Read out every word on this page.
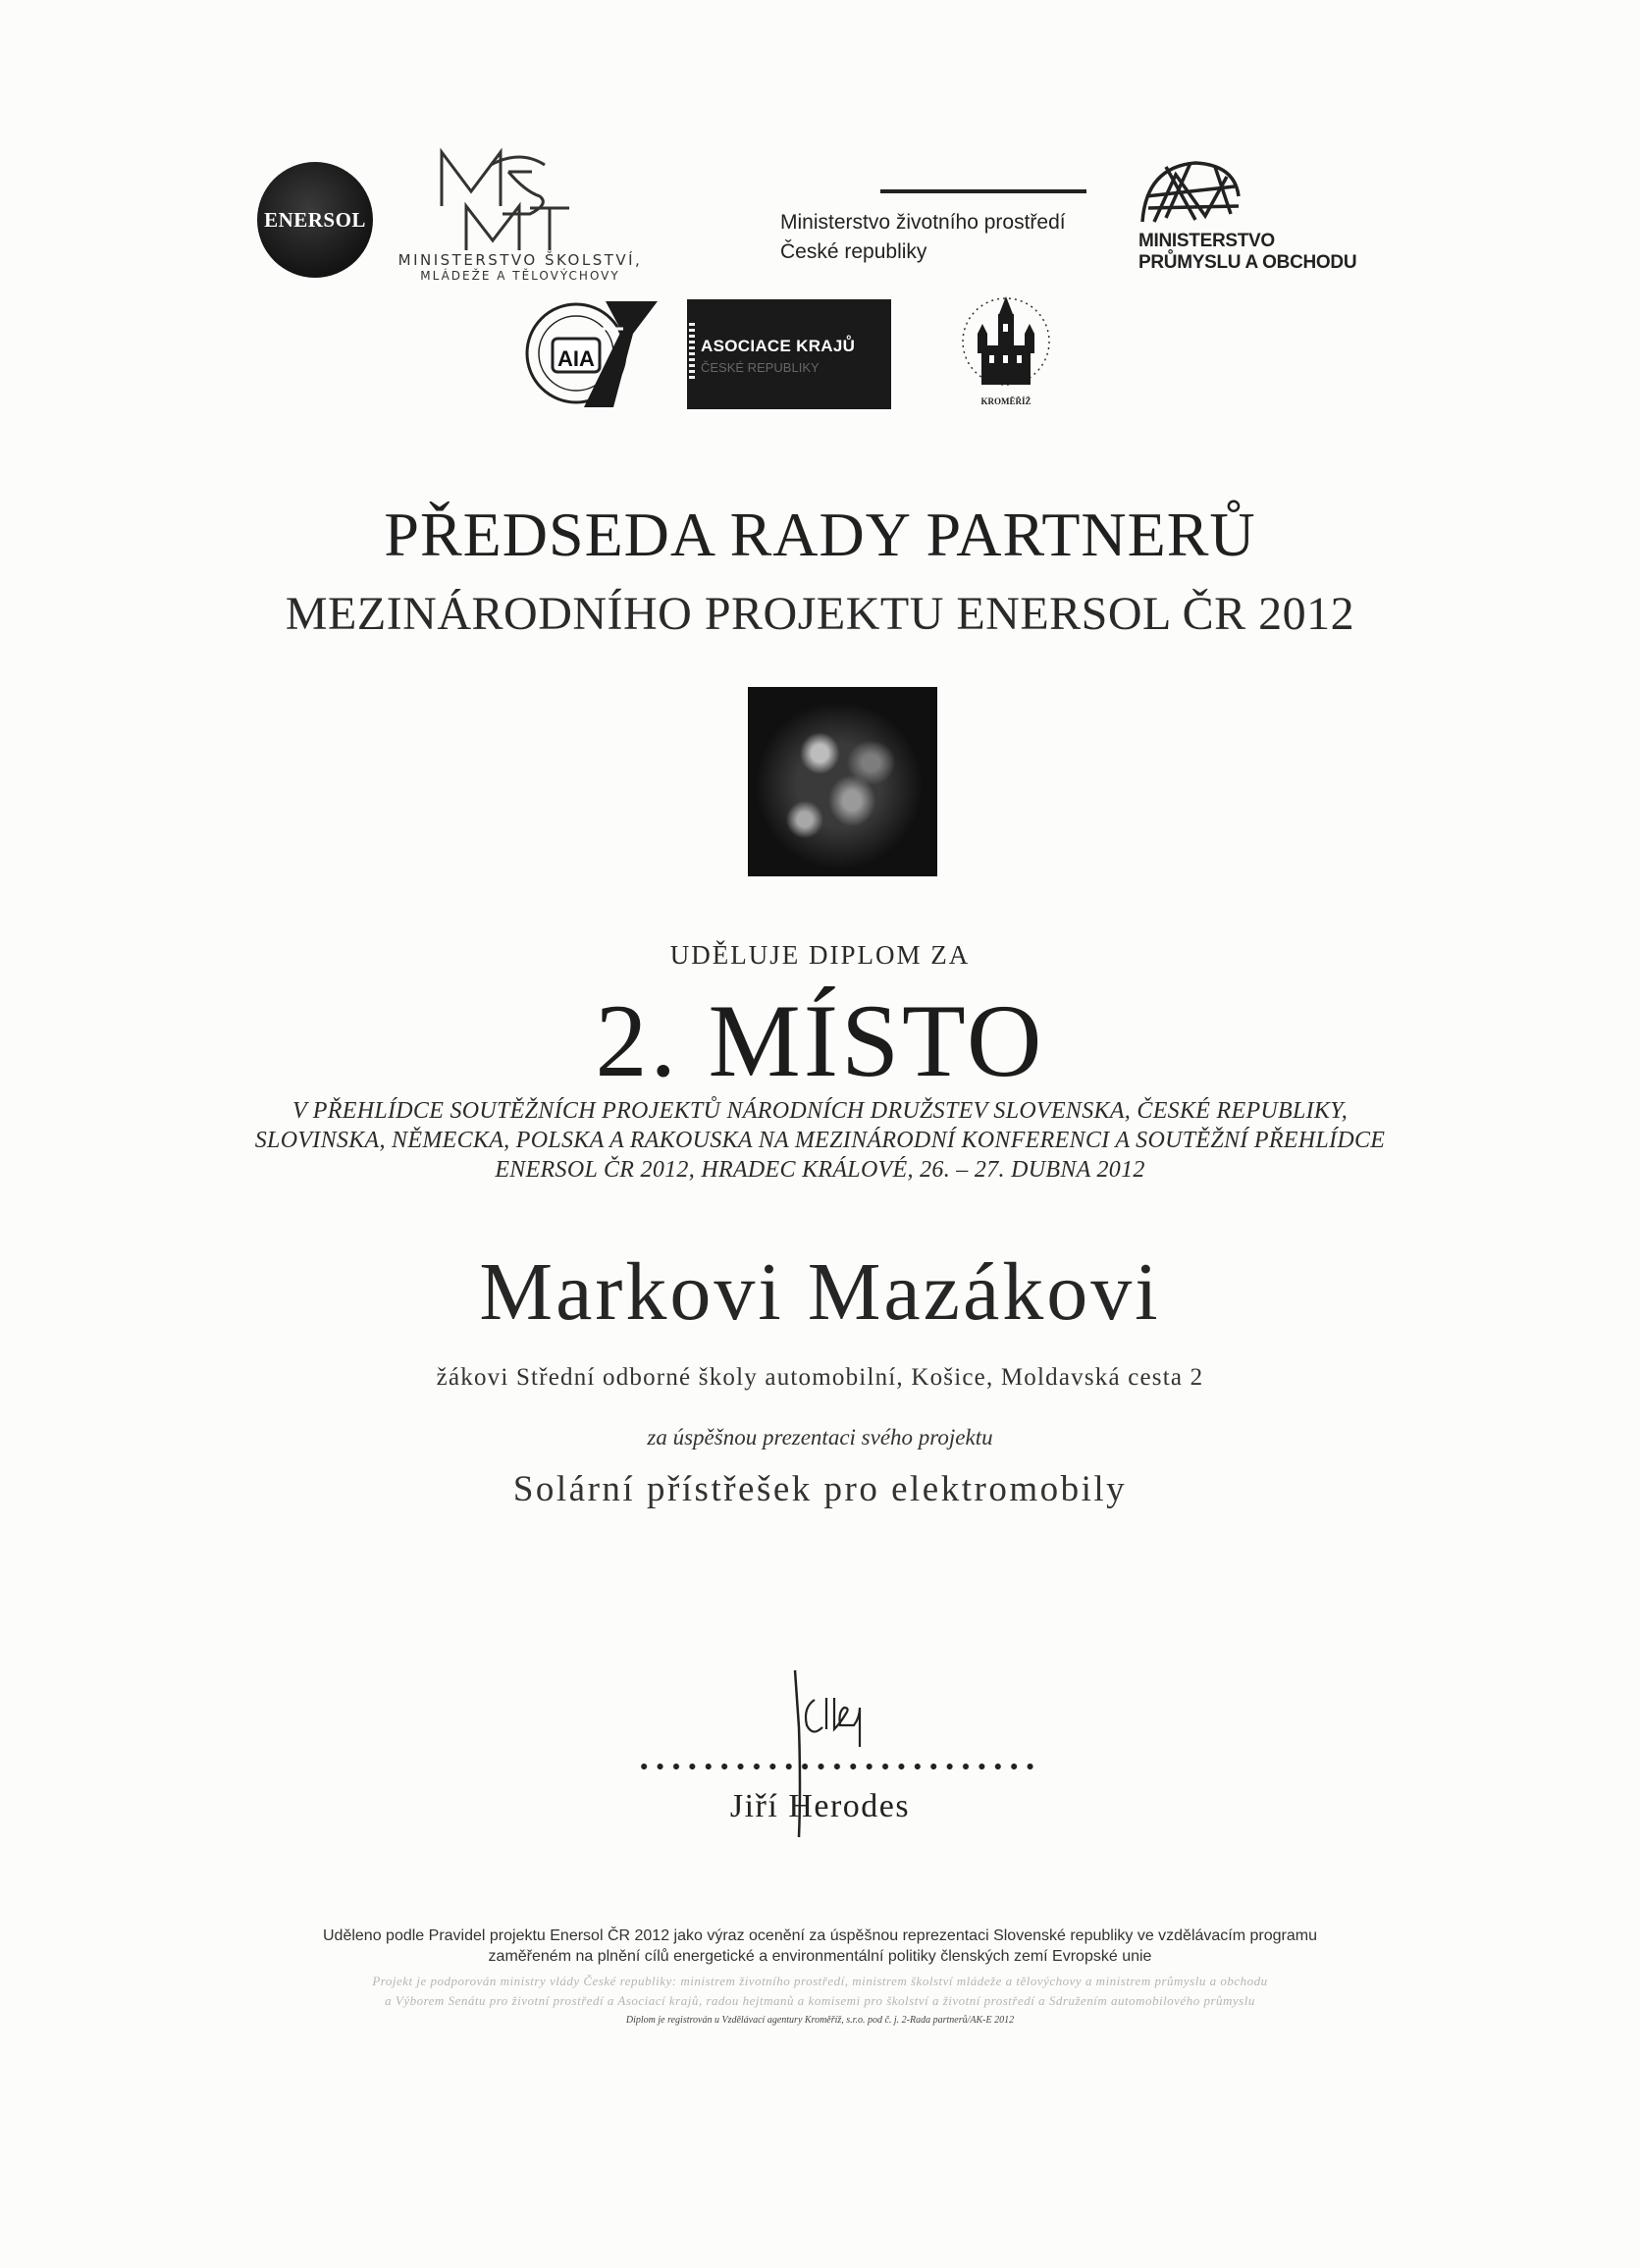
ENERSOL
MINISTERSTVO ŠKOLSTVÍ,
MLÁDEŽE A TĚLOVÝCHOVY
Ministerstvo životního prostředí
České republiky	MINISTERSTVO
PRŮMYSLU A OBCHODU
AIA
ASOCIACE KRAJŮ
ČESKÉ REPUBLIKY
KROMĚŘÍŽ
PŘEDSEDA RADY PARTNERŮ
MEZINÁRODNÍHO PROJEKTU ENERSOL ČR 2012
UDĚLUJE DIPLOM ZA
2. MÍSTO
V PŘEHLÍDCE SOUTĚŽNÍCH PROJEKTŮ NÁRODNÍCH DRUŽSTEV SLOVENSKA, ČESKÉ REPUBLIKY,
SLOVINSKA, NĚMECKA, POLSKA A RAKOUSKA NA MEZINÁRODNÍ KONFERENCI A SOUTĚŽNÍ PŘEHLÍDCE
ENERSOL ČR 2012, HRADEC KRÁLOVÉ, 26. – 27. DUBNA 2012
Markovi Mazákovi
žákovi Střední odborné školy automobilní, Košice, Moldavská cesta 2
za úspěšnou prezentaci svého projektu
Solární přístřešek pro elektromobily
Jiří Herodes
Uděleno podle Pravidel projektu Enersol ČR 2012 jako výraz ocenění za úspěšnou reprezentaci Slovenské republiky ve vzdělávacím programu
zaměřeném na plnění cílů energetické a environmentální politiky členských zemí Evropské unie
Projekt je podporován ministry vlády České republiky: ministrem životního prostředí, ministrem školství mládeže a tělovýchovy a ministrem průmyslu a obchodu
a Výborem Senátu pro životní prostředí a Asociací krajů, radou hejtmanů a komisemi pro školství a životní prostředí a Sdružením automobilového průmyslu
Diplom je registrován u Vzdělávací agentury Kroměříž, s.r.o. pod č. j. 2-Rada partnerů/AK-E 2012
